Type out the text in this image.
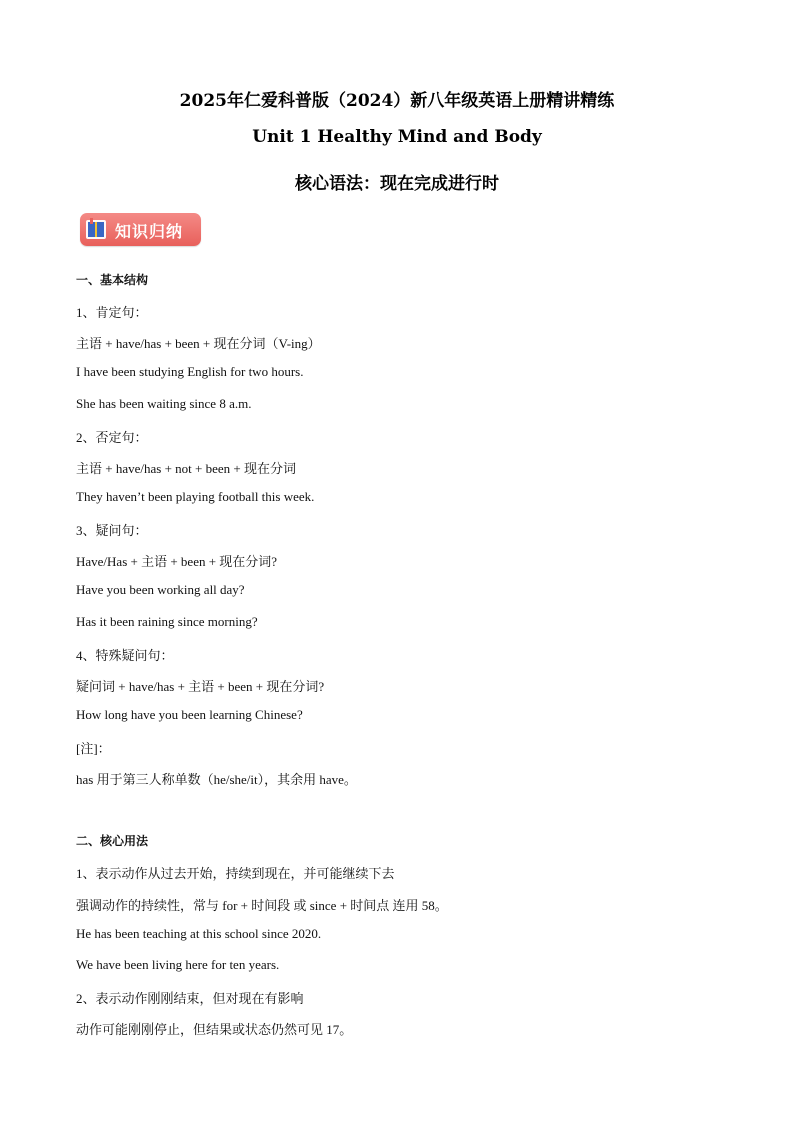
2025年仁爱科普版（2024）新八年级英语上册精讲精练
Unit 1 Healthy Mind and Body
核心语法：现在完成进行时
知识归纳
一、基本结构
1、肯定句：
主语 + have/has + been + 现在分词（V-ing）
I have been studying English for two hours.
She has been waiting since 8 a.m.
2、否定句：
主语 + have/has + not + been + 现在分词
They haven’t been playing football this week.
3、疑问句：
Have/Has + 主语 + been + 现在分词?
Have you been working all day?
Has it been raining since morning?
4、特殊疑问句：
疑问词 + have/has + 主语 + been + 现在分词?
How long have you been learning Chinese?
[注]：
has 用于第三人称单数（he/she/it），其余用 have。
二、核心用法
1、表示动作从过去开始，持续到现在，并可能继续下去
强调动作的持续性，常与 for + 时间段 或 since + 时间点 连用 58。
He has been teaching at this school since 2020.
We have been living here for ten years.
2、表示动作刚刚结束，但对现在有影响
动作可能刚刚停止，但结果或状态仍然可见 17。
